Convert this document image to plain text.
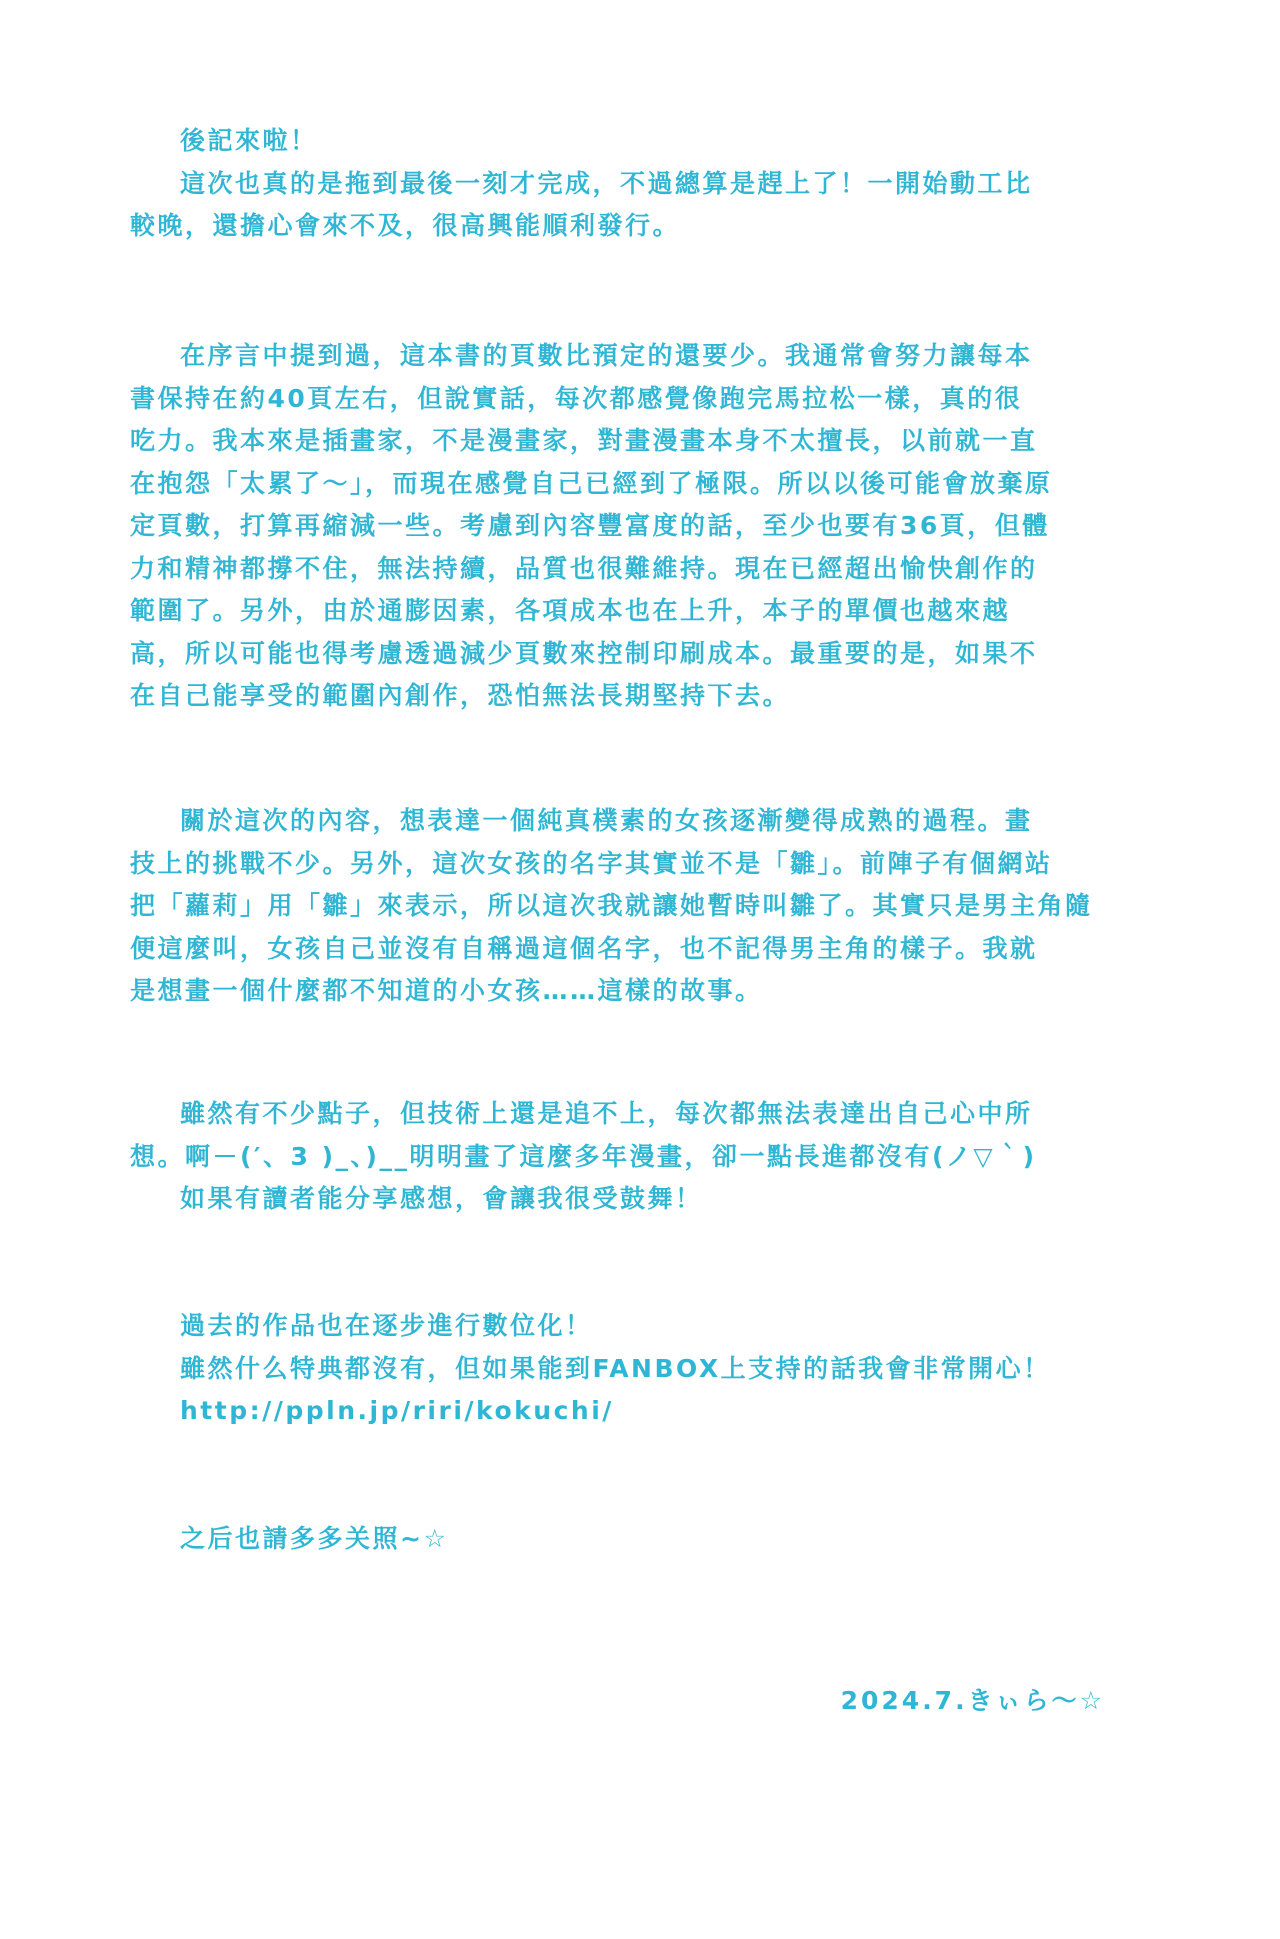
後記來啦！
這次也真的是拖到最後一刻才完成，不過總算是趕上了！一開始動工比
較晚，還擔心會來不及，很高興能順利發行。
在序言中提到過，這本書的頁數比預定的還要少。我通常會努力讓每本
書保持在約40頁左右，但說實話，每次都感覺像跑完馬拉松一樣，真的很
吃力。我本來是插畫家，不是漫畫家，對畫漫畫本身不太擅長，以前就一直
在抱怨「太累了～」，而現在感覺自己已經到了極限。所以以後可能會放棄原
定頁數，打算再縮減一些。考慮到內容豐富度的話，至少也要有36頁，但體
力和精神都撐不住，無法持續，品質也很難維持。現在已經超出愉快創作的
範圍了。另外，由於通膨因素，各項成本也在上升，本子的單價也越來越
高，所以可能也得考慮透過減少頁數來控制印刷成本。最重要的是，如果不
在自己能享受的範圍內創作，恐怕無法長期堅持下去。
關於這次的內容，想表達一個純真樸素的女孩逐漸變得成熟的過程。畫
技上的挑戰不少。另外，這次女孩的名字其實並不是「雛」。前陣子有個網站
把「蘿莉」用「雛」來表示，所以這次我就讓她暫時叫雛了。其實只是男主角隨
便這麼叫，女孩自己並沒有自稱過這個名字，也不記得男主角的樣子。我就
是想畫一個什麼都不知道的小女孩……這樣的故事。
雖然有不少點子，但技術上還是追不上，每次都無法表達出自己心中所
想。啊－(′、3 )_、)__明明畫了這麼多年漫畫，卻一點長進都沒有(ノ▽｀)
如果有讀者能分享感想，會讓我很受鼓舞！
過去的作品也在逐步進行數位化！
雖然什么特典都沒有，但如果能到FANBOX上支持的話我會非常開心！
http://ppln.jp/riri/kokuchi/
之后也請多多关照~☆
2024.7.きぃら～☆
